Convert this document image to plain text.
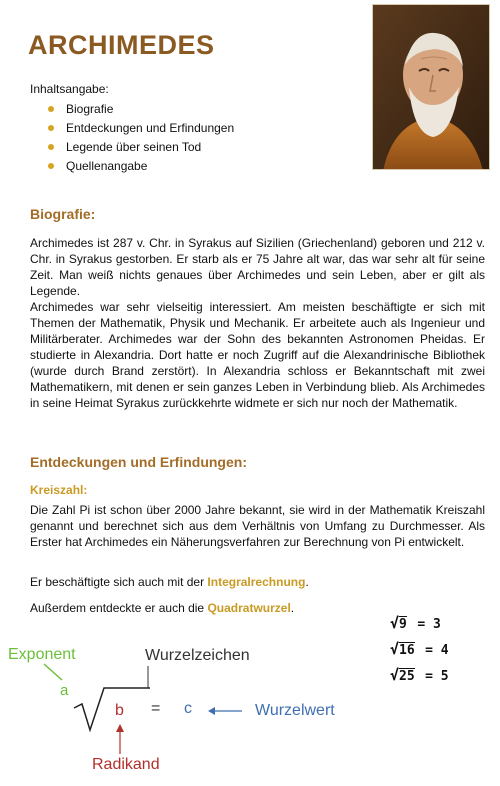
ARCHIMEDES
Inhaltsangabe:
Biografie
Entdeckungen und Erfindungen
Legende über seinen Tod
Quellenangabe
Biografie:

Archimedes ist 287 v. Chr. in Syrakus auf Sizilien (Griechenland) geboren und 212 v. Chr. in Syrakus gestorben. Er starb als er 75 Jahre alt war, das war sehr alt für seine Zeit. Man weiß nichts genaues über Archimedes und sein Leben, aber er gilt als Legende.

Archimedes war sehr vielseitig interessiert. Am meisten beschäftigte er sich mit Themen der Mathematik, Physik und Mechanik. Er arbeitete auch als Ingenieur und Militärberater. Archimedes war der Sohn des bekannten Astronomen Pheidas. Er studierte in Alexandria. Dort hatte er noch Zugriff auf die Alexandrinische Bibliothek (wurde durch Brand zerstört). In Alexandria schloss er Bekanntschaft mit zwei Mathematikern, mit denen er sein ganzes Leben in Verbindung blieb. Als Archimedes in seine Heimat Syrakus zurückkehrte widmete er sich nur noch der Mathematik.

Entdeckungen und Erfindungen:
Kreiszahl:

Die Zahl Pi ist schon über 2000 Jahre bekannt, sie wird in der Mathematik Kreiszahl genannt und berechnet sich aus dem Verhältnis von Umfang zu Durchmesser. Als Erster hat Archimedes ein Näherungsverfahren zur Berechnung von Pi entwickelt.

Er beschäftigte sich auch mit der Integralrechnung.

Außerdem entdeckte er auch die Quadratwurzel.

√9 = 3
√16 = 4
√25 = 5
Exponent	Wurzelzeichen
a
b = c	Wurzelwert
Radikand
